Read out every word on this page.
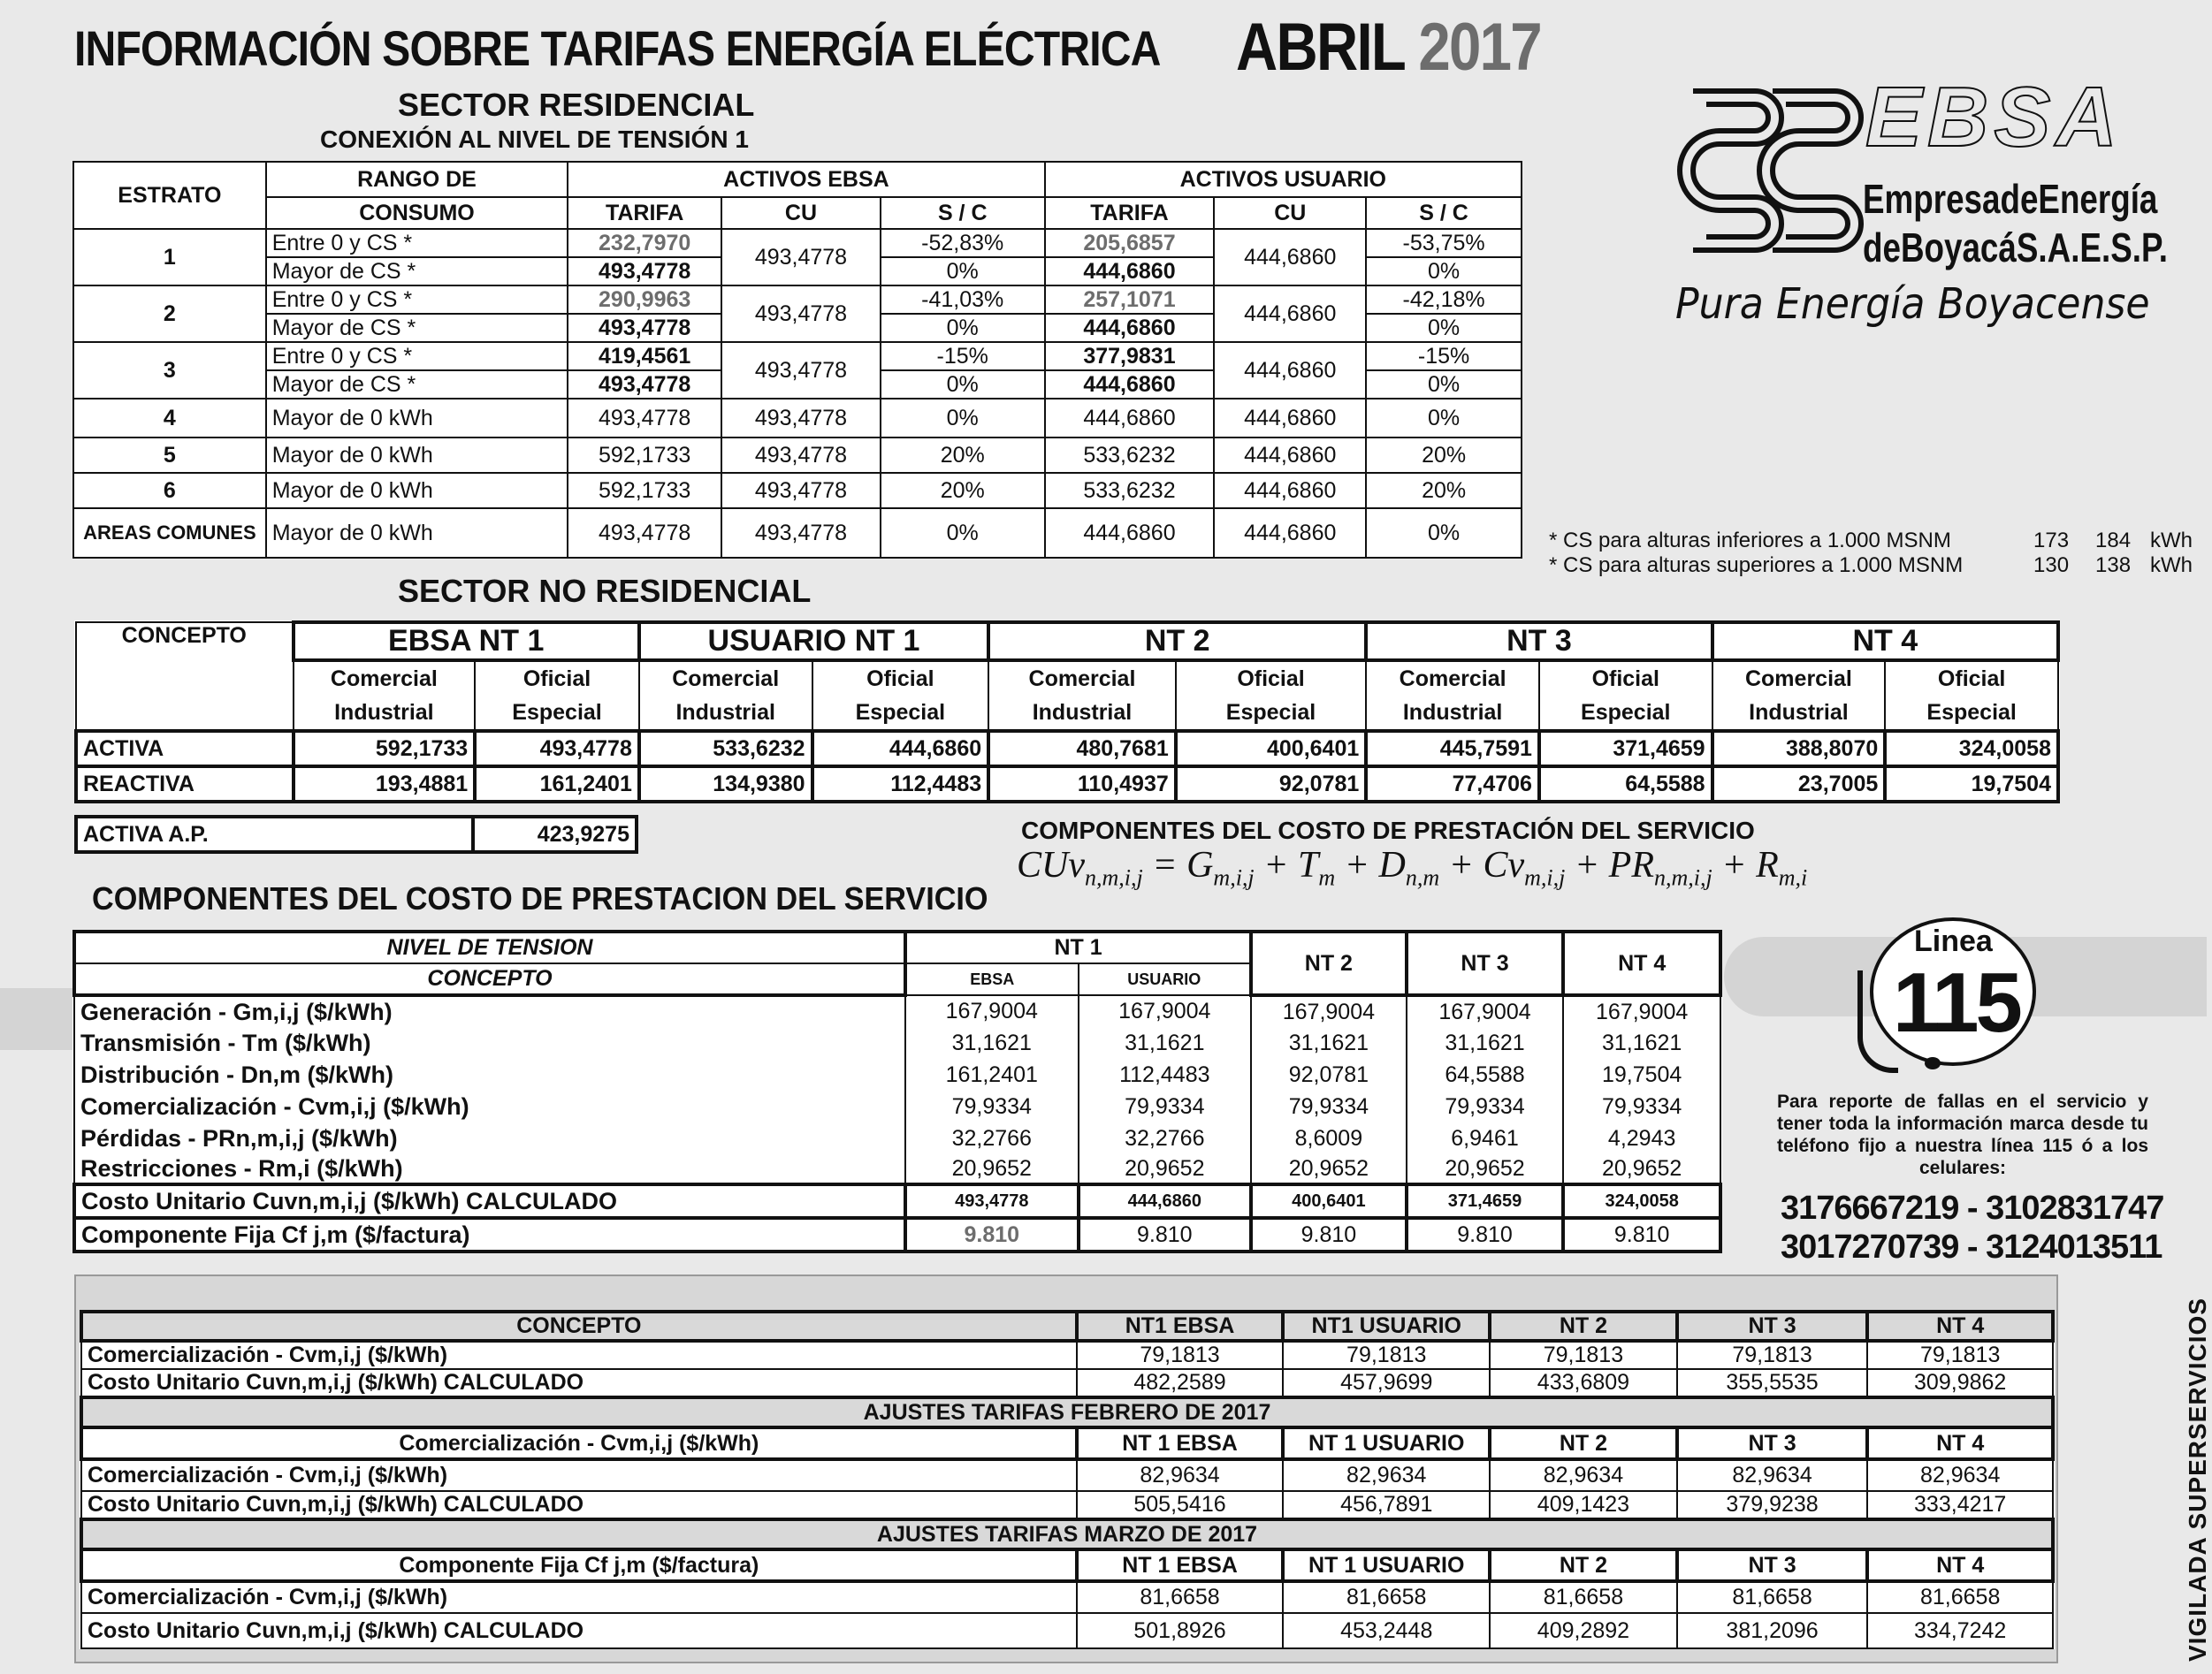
INFORMACIÓN SOBRE TARIFAS ENERGÍA ELÉCTRICA ABRIL 2017
EBSA
EmpresadeEnergía
deBoyacáS.A.E.S.P.
Pura Energía Boyacense
SECTOR RESIDENCIAL
CONEXIÓN AL NIVEL DE TENSIÓN 1
ESTRATO	RANGO DE	ACTIVOS EBSA			ACTIVOS USUARIO		
	CONSUMO	TARIFA	CU	S / C	TARIFA	CU	S / C
1	Entre 0 y CS *	232,7970	493,4778	-52,83%	205,6857	444,6860	-53,75%
	Mayor de CS *	493,4778		0%	444,6860		0%
2	Entre 0 y CS *	290,9963	493,4778	-41,03%	257,1071	444,6860	-42,18%
	Mayor de CS *	493,4778		0%	444,6860		0%
3	Entre 0 y CS *	419,4561	493,4778	-15%	377,9831	444,6860	-15%
	Mayor de CS *	493,4778		0%	444,6860		0%
4	Mayor de 0 kWh	493,4778	493,4778	0%	444,6860	444,6860	0%
5	Mayor de 0 kWh	592,1733	493,4778	20%	533,6232	444,6860	20%
6	Mayor de 0 kWh	592,1733	493,4778	20%	533,6232	444,6860	20%
AREAS COMUNES	Mayor de 0 kWh	493,4778	493,4778	0%	444,6860	444,6860	0%	* CS para alturas inferiores a 1.000 MSNM	173 184 kWh
* CS para alturas superiores a 1.000 MSNM	130 138 kWh
SECTOR NO RESIDENCIAL
CONCEPTO	EBSA NT 1		USUARIO NT 1		NT 2		NT 3		NT 4	
	Comercial	Oficial	Comercial	Oficial	Comercial	Oficial	Comercial	Oficial	Comercial	Oficial
	Industrial	Especial	Industrial	Especial	Industrial	Especial	Industrial	Especial	Industrial	Especial
ACTIVA	592,1733	493,4778	533,6232	444,6860	480,7681	400,6401	445,7591	371,4659	388,8070	324,0058
REACTIVA	193,4881	161,2401	134,9380	112,4483	110,4937	92,0781	77,4706	64,5588	23,7005	19,7504
ACTIVA A.P.	423,9275	COMPONENTES DEL COSTO DE PRESTACIÓN DEL SERVICIO
$CUv_{n,m,i,j} = G_{m,i,j} + T_m + D_{n,m} + Cv_{m,i,j} + PR_{n,m,i,j} + R_{m,i}$
COMPONENTES DEL COSTO DE PRESTACION DEL SERVICIO
NIVEL DE TENSION	NT 1		NT 2	NT 3	NT 4
CONCEPTO	EBSA	USUARIO			
Generación - Gm,i,j ($/kWh)	167,9004	167,9004	167,9004	167,9004	167,9004
Transmisión - Tm ($/kWh)	31,1621	31,1621	31,1621	31,1621	31,1621
Distribución - Dn,m ($/kWh)	161,2401	112,4483	92,0781	64,5588	19,7504
Comercialización - Cvm,i,j ($/kWh)	79,9334	79,9334	79,9334	79,9334	79,9334
Pérdidas - PRn,m,i,j ($/kWh)	32,2766	32,2766	8,6009	6,9461	4,2943
Restricciones - Rm,i ($/kWh)	20,9652	20,9652	20,9652	20,9652	20,9652
Costo Unitario Cuvn,m,i,j ($/kWh) CALCULADO	493,4778	444,6860	400,6401	371,4659	324,0058
Componente Fija Cf j,m ($/factura)	9.810	9.810	9.810	9.810	9.810
Linea
115
Para reporte de fallas en el servicio y tener toda la información marca desde tu teléfono fijo a nuestra línea 115 ó a los celulares:
3176667219 - 3102831747
3017270739 - 3124013511
CONCEPTO	NT1 EBSA	NT1 USUARIO	NT 2	NT 3	NT 4
Comercialización - Cvm,i,j ($/kWh)	79,1813	79,1813	79,1813	79,1813	79,1813
Costo Unitario Cuvn,m,i,j ($/kWh) CALCULADO	482,2589	457,9699	433,6809	355,5535	309,9862
AJUSTES TARIFAS FEBRERO DE 2017					
Comercialización - Cvm,i,j ($/kWh)	NT 1 EBSA	NT 1 USUARIO	NT 2	NT 3	NT 4
Comercialización - Cvm,i,j ($/kWh)	82,9634	82,9634	82,9634	82,9634	82,9634
Costo Unitario Cuvn,m,i,j ($/kWh) CALCULADO	505,5416	456,7891	409,1423	379,9238	333,4217
AJUSTES TARIFAS MARZO DE 2017					
Componente Fija Cf j,m ($/factura)	NT 1 EBSA	NT 1 USUARIO	NT 2	NT 3	NT 4
Comercialización - Cvm,i,j ($/kWh)	81,6658	81,6658	81,6658	81,6658	81,6658
Costo Unitario Cuvn,m,i,j ($/kWh) CALCULADO	501,8926	453,2448	409,2892	381,2096	334,7242	VIGILADA SUPERSERVICIOS
